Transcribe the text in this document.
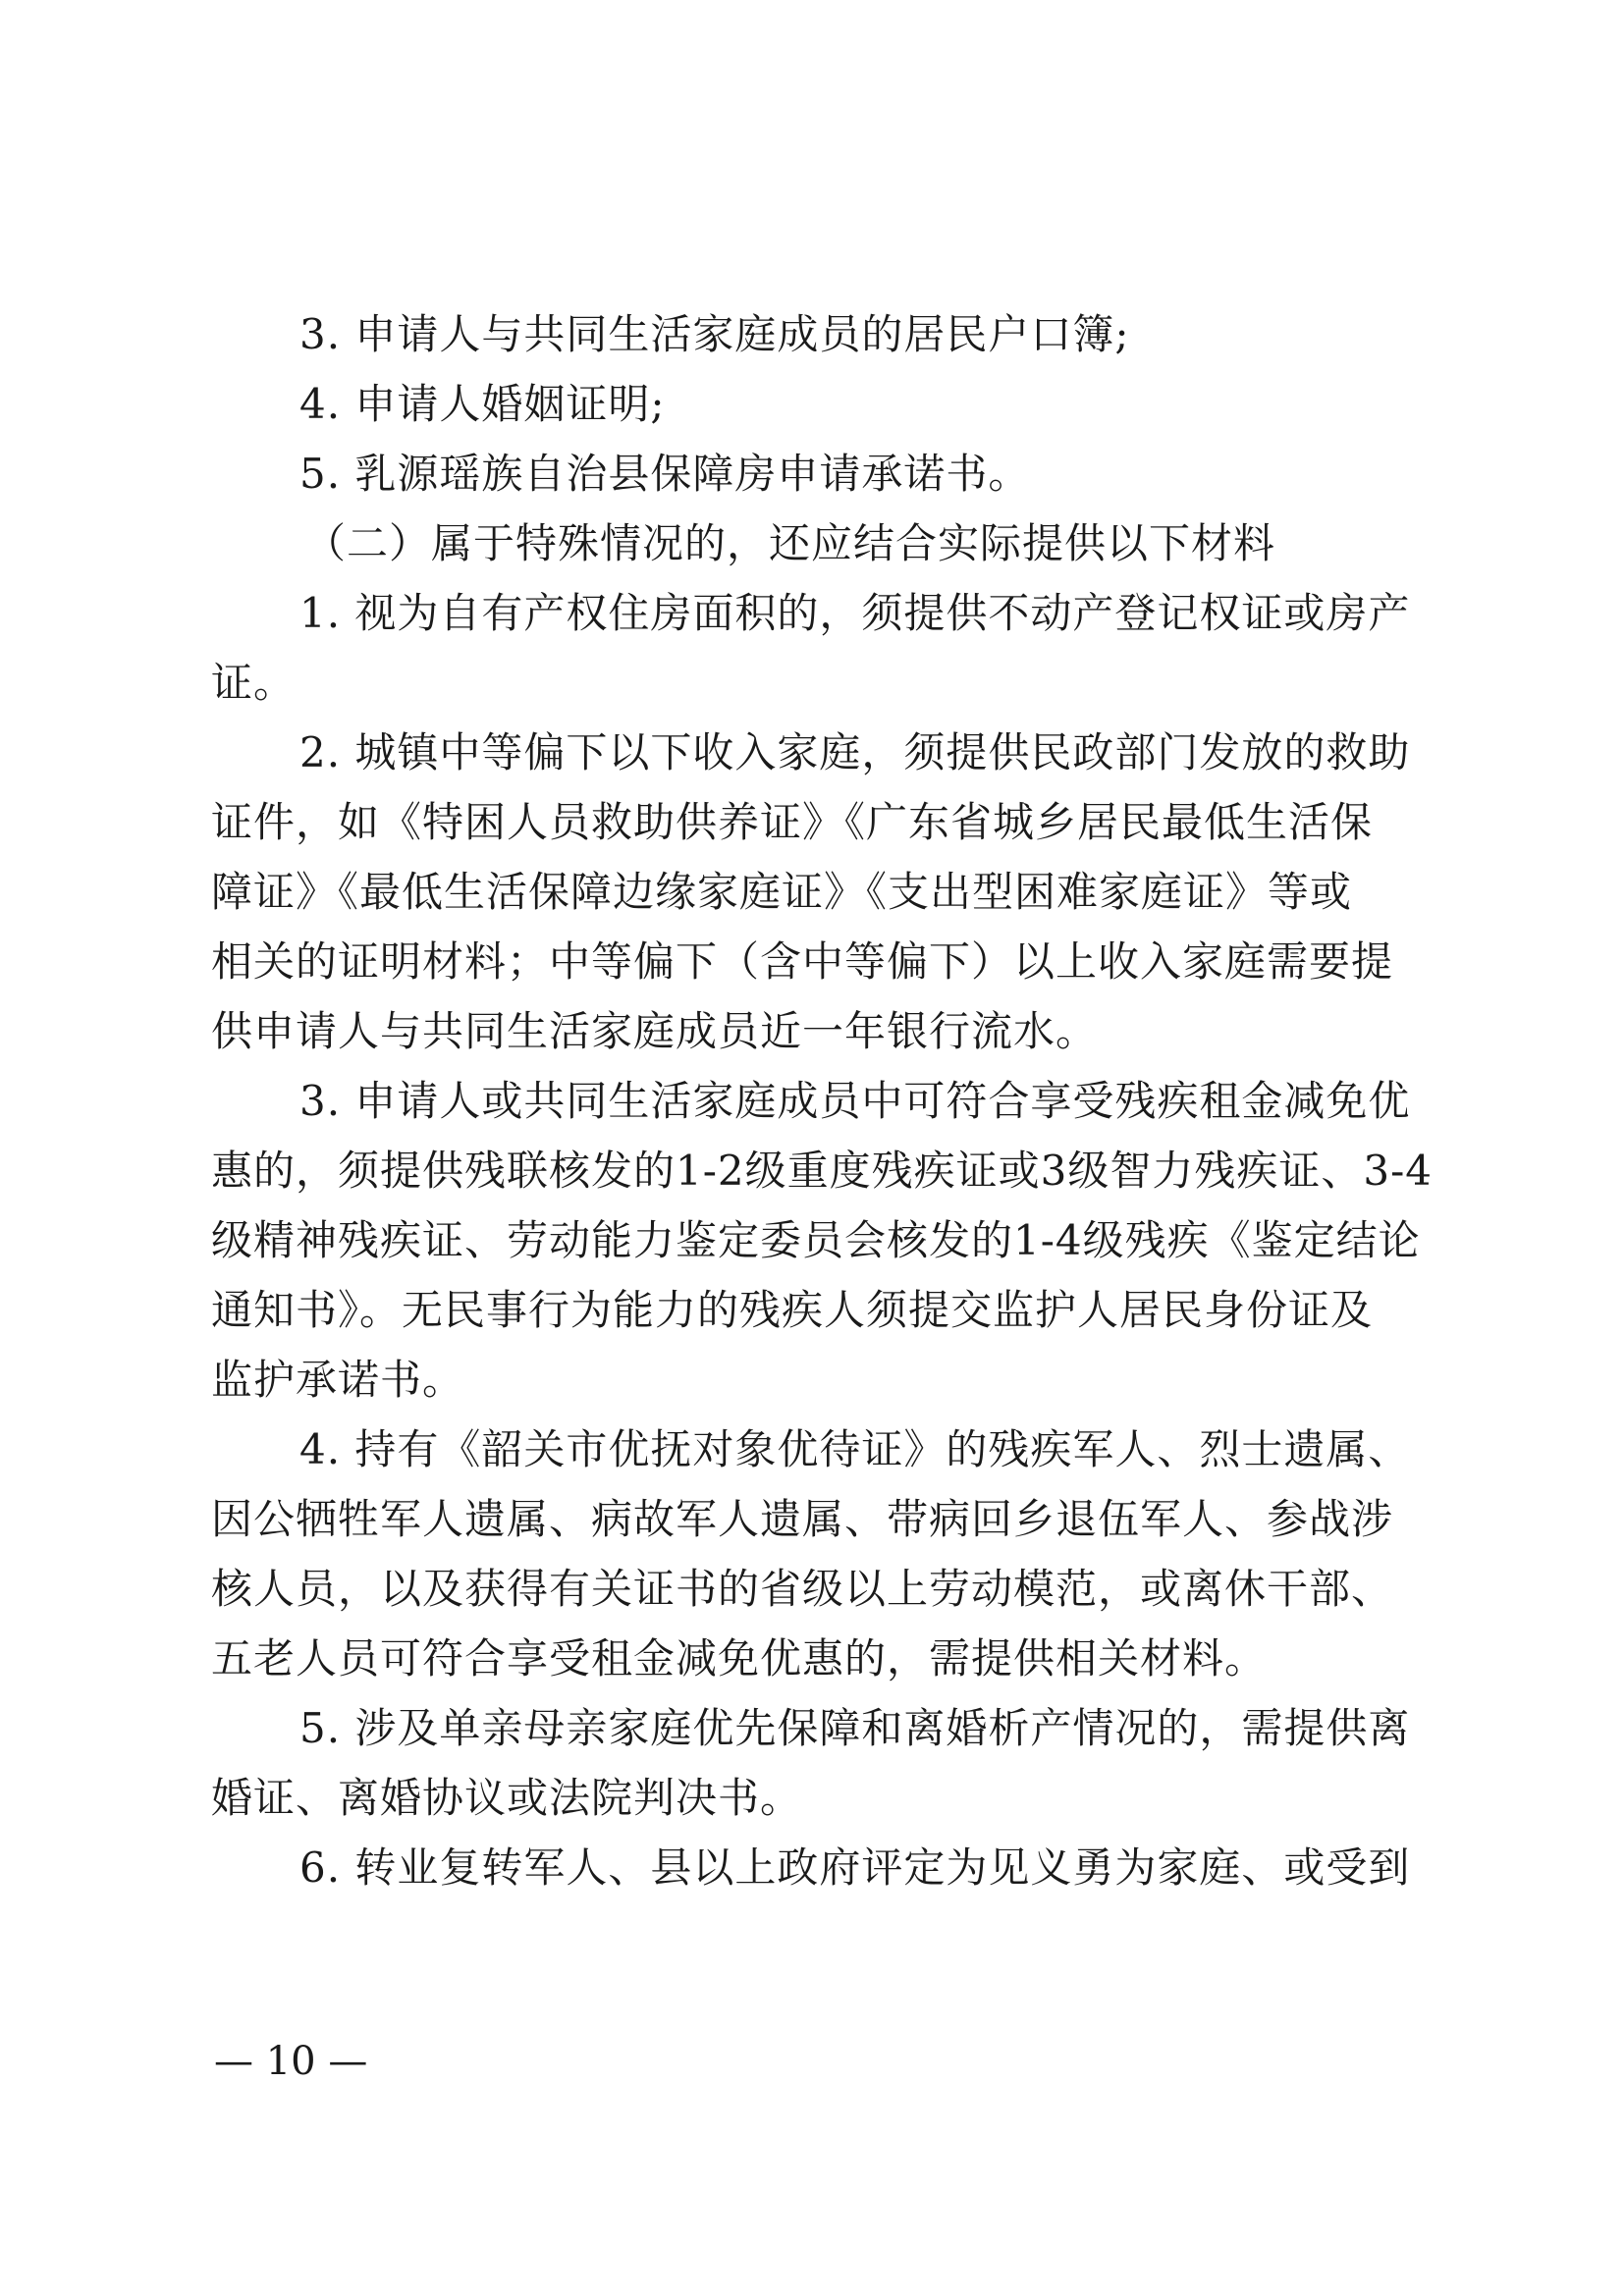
3. 申请人与共同生活家庭成员的居民户口簿;
4. 申请人婚姻证明;
5. 乳源瑶族自治县保障房申请承诺书。
（二）属于特殊情况的，还应结合实际提供以下材料
1. 视为自有产权住房面积的，须提供不动产登记权证或房产
证。
2. 城镇中等偏下以下收入家庭，须提供民政部门发放的救助
证件，如《特困人员救助供养证》《广东省城乡居民最低生活保
障证》《最低生活保障边缘家庭证》《支出型困难家庭证》等或
相关的证明材料；中等偏下（含中等偏下）以上收入家庭需要提
供申请人与共同生活家庭成员近一年银行流水。
3. 申请人或共同生活家庭成员中可符合享受残疾租金减免优
惠的，须提供残联核发的1-2级重度残疾证或3级智力残疾证、3-4
级精神残疾证、劳动能力鉴定委员会核发的1-4级残疾《鉴定结论
通知书》。无民事行为能力的残疾人须提交监护人居民身份证及
监护承诺书。
4. 持有《韶关市优抚对象优待证》的残疾军人、烈士遗属、
因公牺牲军人遗属、病故军人遗属、带病回乡退伍军人、参战涉
核人员，以及获得有关证书的省级以上劳动模范，或离休干部、
五老人员可符合享受租金减免优惠的，需提供相关材料。
5. 涉及单亲母亲家庭优先保障和离婚析产情况的，需提供离
婚证、离婚协议或法院判决书。
6. 转业复转军人、县以上政府评定为见义勇为家庭、或受到
— 10 —
